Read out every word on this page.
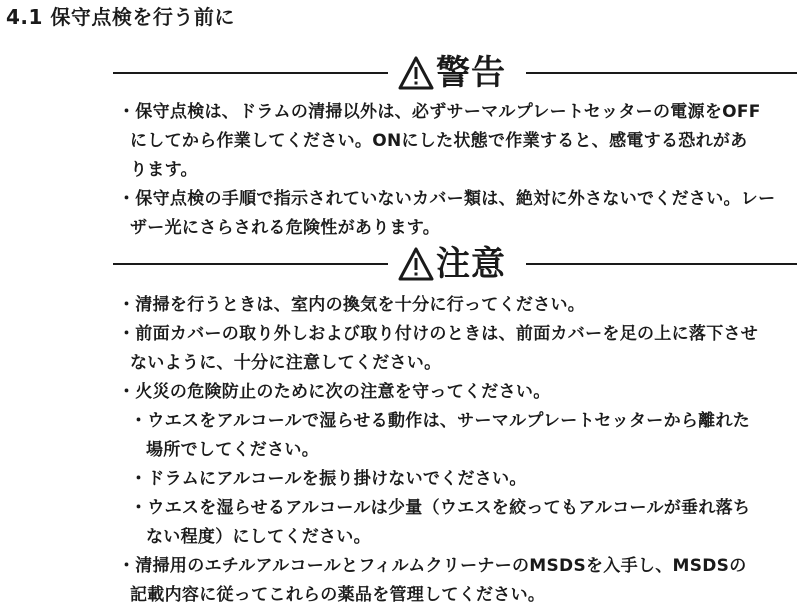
4.1 保守点検を行う前に
警告
・保守点検は、ドラムの清掃以外は、必ずサーマルプレートセッターの電源をOFF
にしてから作業してください。ONにした状態で作業すると、感電する恐れがあ
ります。
・保守点検の手順で指示されていないカバー類は、絶対に外さないでください。レー
ザー光にさらされる危険性があります。
注意
・清掃を行うときは、室内の換気を十分に行ってください。
・前面カバーの取り外しおよび取り付けのときは、前面カバーを足の上に落下させ
ないように、十分に注意してください。
・火災の危険防止のために次の注意を守ってください。
・ウエスをアルコールで湿らせる動作は、サーマルプレートセッターから離れた
場所でしてください。
・ドラムにアルコールを振り掛けないでください。
・ウエスを湿らせるアルコールは少量（ウエスを絞ってもアルコールが垂れ落ち
ない程度）にしてください。
・清掃用のエチルアルコールとフィルムクリーナーのMSDSを入手し、MSDSの
記載内容に従ってこれらの薬品を管理してください。
